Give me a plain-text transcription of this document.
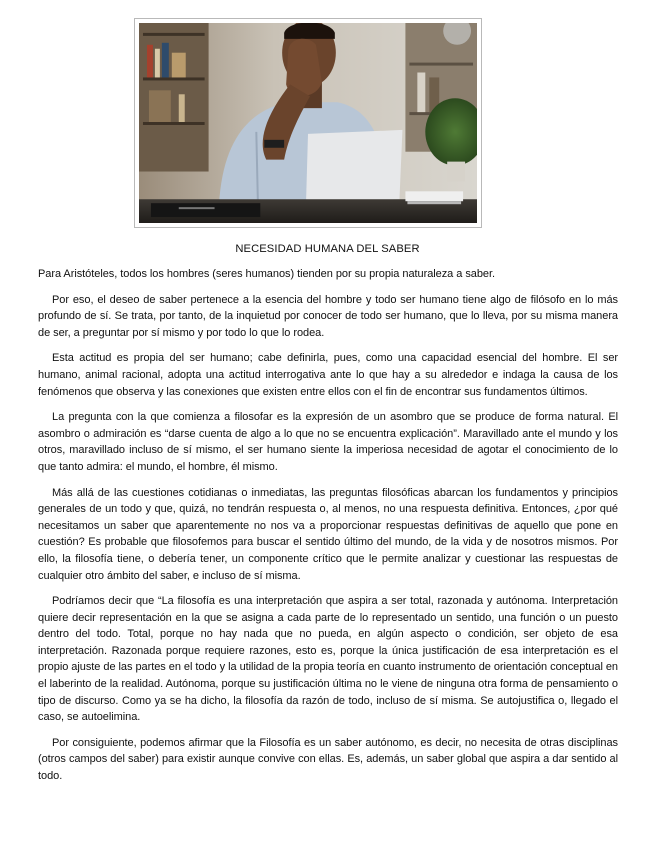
NECESIDAD HUMANA DEL SABER

Para Aristóteles, todos los hombres (seres humanos) tienden por su propia naturaleza a saber.

Por eso, el deseo de saber pertenece a la esencia del hombre y todo ser humano tiene algo de filósofo en lo más profundo de sí. Se trata, por tanto, de la inquietud por conocer de todo ser humano, que lo lleva, por su misma manera de ser, a preguntar por sí mismo y por todo lo que lo rodea.

Esta actitud es propia del ser humano; cabe definirla, pues, como una capacidad esencial del hombre. El ser humano, animal racional, adopta una actitud interrogativa ante lo que hay a su alrededor e indaga la causa de los fenómenos que observa y las conexiones que existen entre ellos con el fin de encontrar sus fundamentos últimos.

La pregunta con la que comienza a filosofar es la expresión de un asombro que se produce de forma natural. El asombro o admiración es “darse cuenta de algo a lo que no se encuentra explicación”. Maravillado ante el mundo y los otros, maravillado incluso de sí mismo, el ser humano siente la imperiosa necesidad de agotar el conocimiento de lo que tanto admira: el mundo, el hombre, él mismo.

Más allá de las cuestiones cotidianas o inmediatas, las preguntas filosóficas abarcan los fundamentos y principios generales de un todo y que, quizá, no tendrán respuesta o, al menos, no una respuesta definitiva. Entonces, ¿por qué necesitamos un saber que aparentemente no nos va a proporcionar respuestas definitivas de aquello que pone en cuestión? Es probable que filosofemos para buscar el sentido último del mundo, de la vida y de nosotros mismos. Por ello, la filosofía tiene, o debería tener, un componente crítico que le permite analizar y cuestionar las respuestas de cualquier otro ámbito del saber, e incluso de sí misma.

Podríamos decir que “La filosofía es una interpretación que aspira a ser total, razonada y autónoma. Interpretación quiere decir representación en la que se asigna a cada parte de lo representado un sentido, una función o un puesto dentro del todo. Total, porque no hay nada que no pueda, en algún aspecto o condición, ser objeto de esa interpretación. Razonada porque requiere razones, esto es, porque la única justificación de esa interpretación es el propio ajuste de las partes en el todo y la utilidad de la propia teoría en cuanto instrumento de orientación conceptual en el laberinto de la realidad. Autónoma, porque su justificación última no le viene de ninguna otra forma de pensamiento o tipo de discurso. Como ya se ha dicho, la filosofía da razón de todo, incluso de sí misma. Se autojustifica o, llegado el caso, se autoelimina.

Por consiguiente, podemos afirmar que la Filosofía es un saber autónomo, es decir, no necesita de otras disciplinas (otros campos del saber) para existir aunque convive con ellas. Es, además, un saber global que aspira a dar sentido al todo.
